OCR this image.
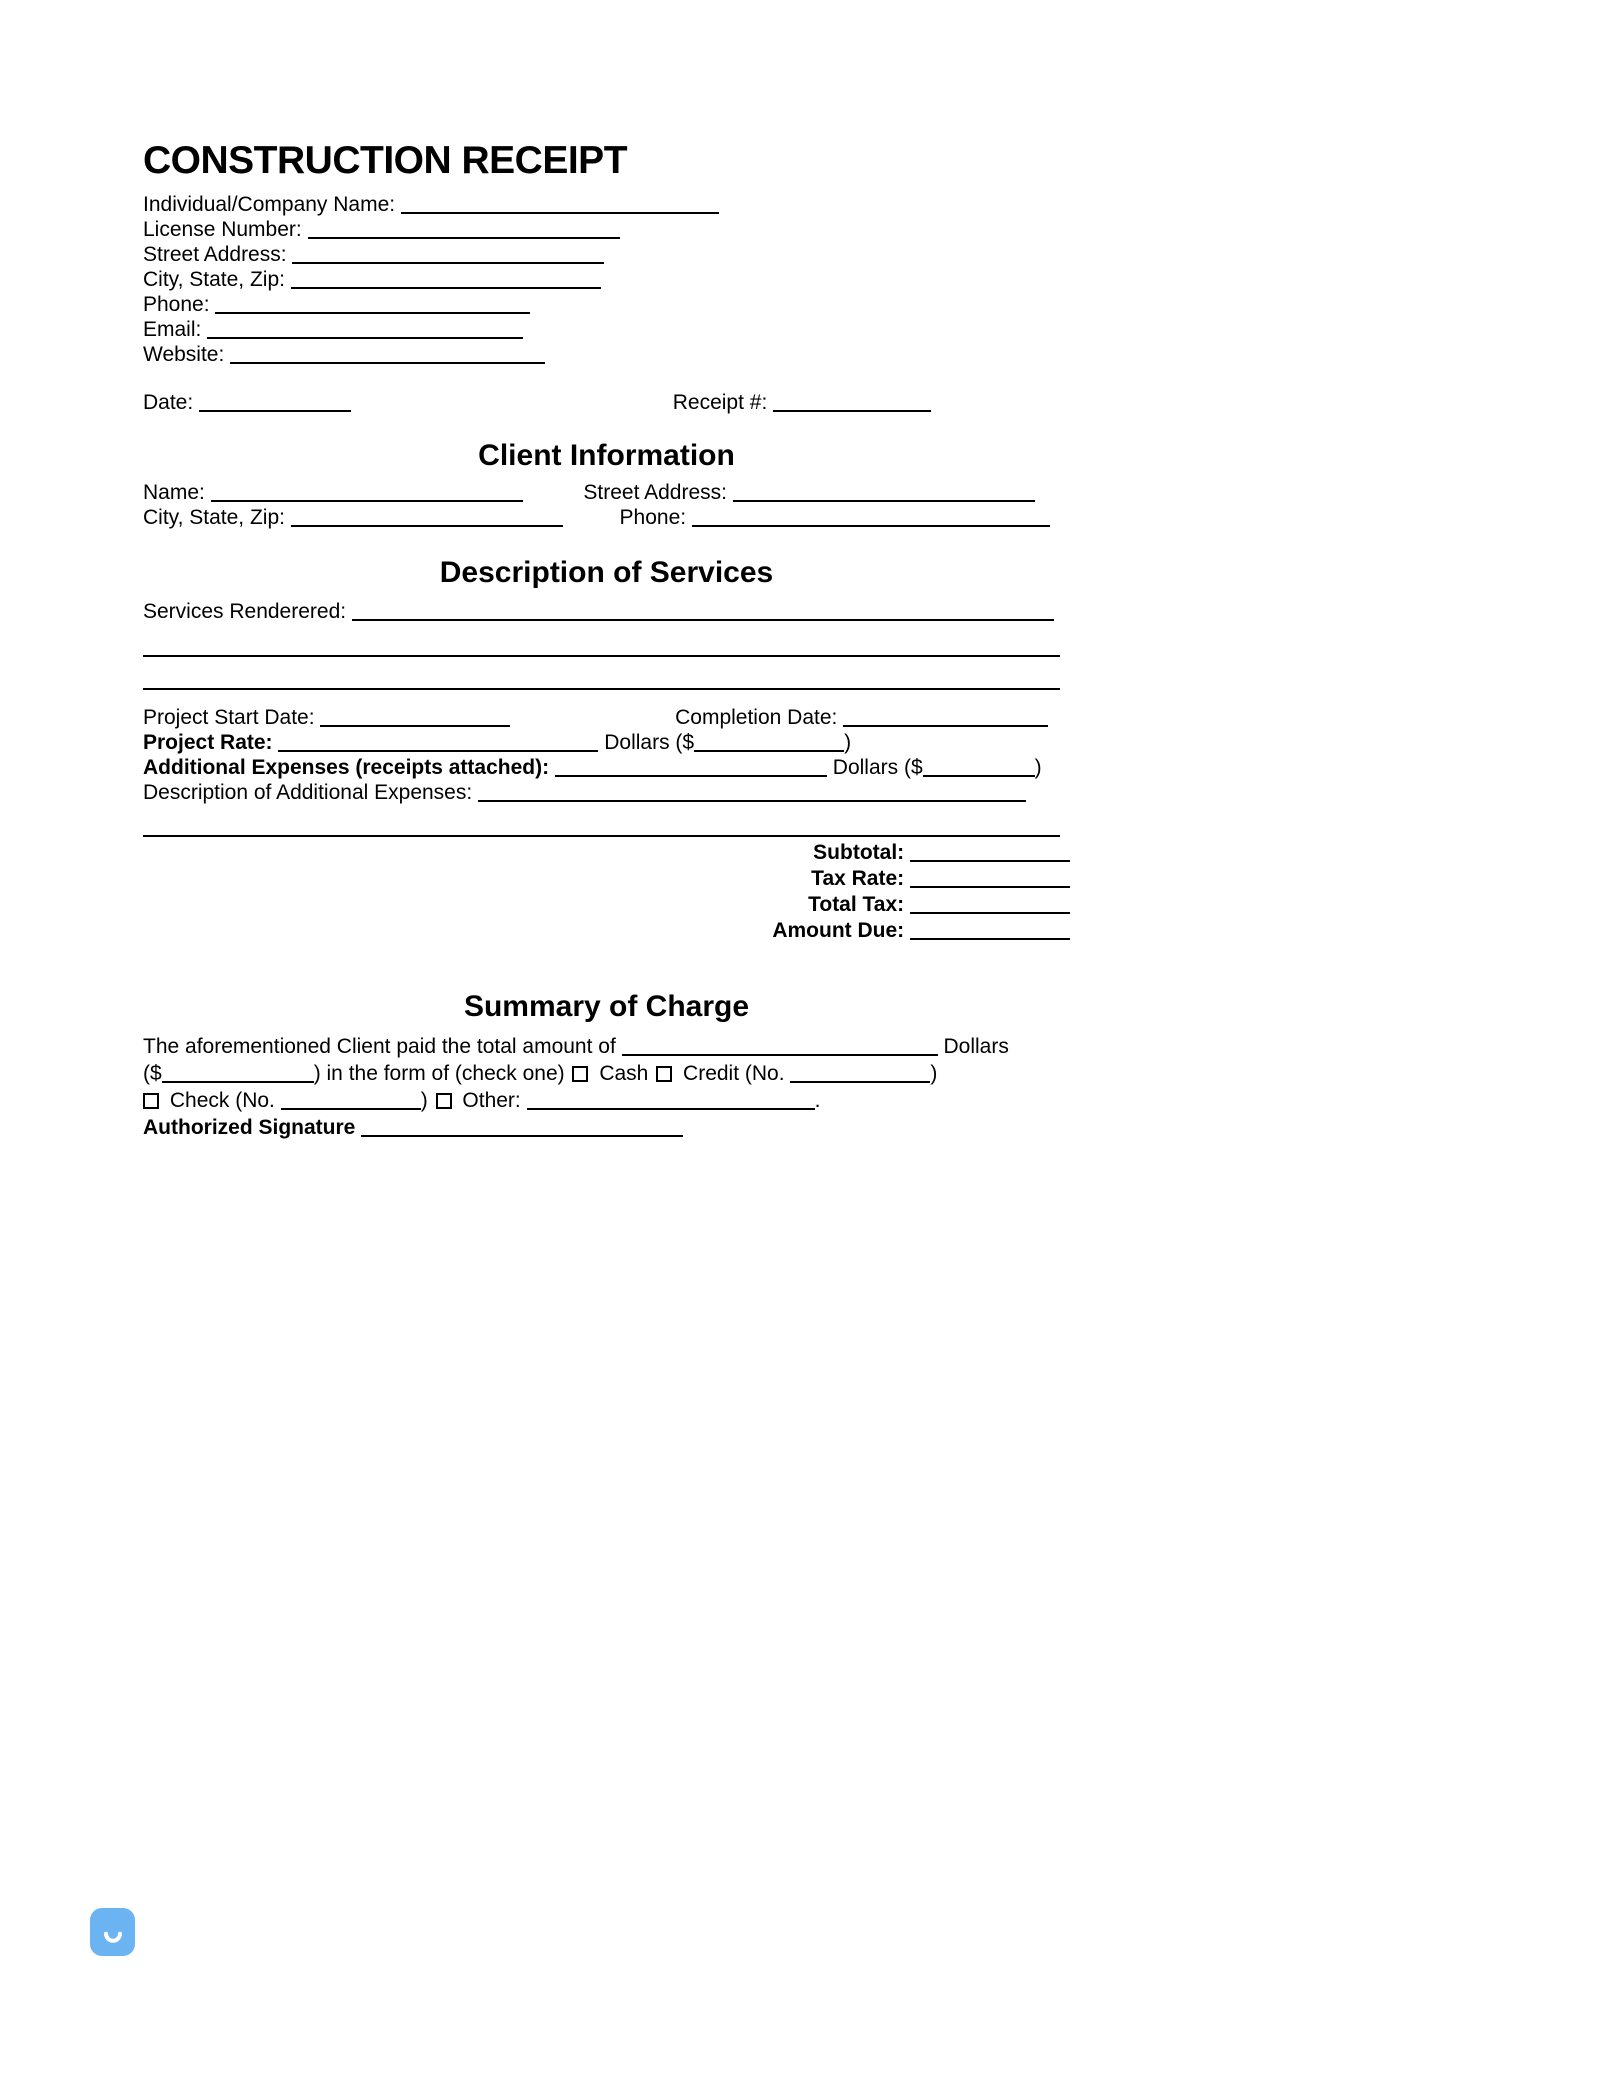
CONSTRUCTION RECEIPT
Individual/Company Name:
License Number:
Street Address:
City, State, Zip:
Phone:
Email:
Website:
Date:	Receipt #:
Client Information
Name:	Street Address:
City, State, Zip:	Phone:
Description of Services
Services Renderered:
Project Start Date:	Completion Date:
Project Rate:	Dollars ($	)
Additional Expenses (receipts attached):	Dollars ($	)
Description of Additional Expenses:
Subtotal:
Tax Rate:
Total Tax:
Amount Due:
Summary of Charge
The aforementioned Client paid the total amount of	Dollars
($	) in the form of (check one) Cash Credit (No.	)
Check (No.	) Other:	.
Authorized Signature
